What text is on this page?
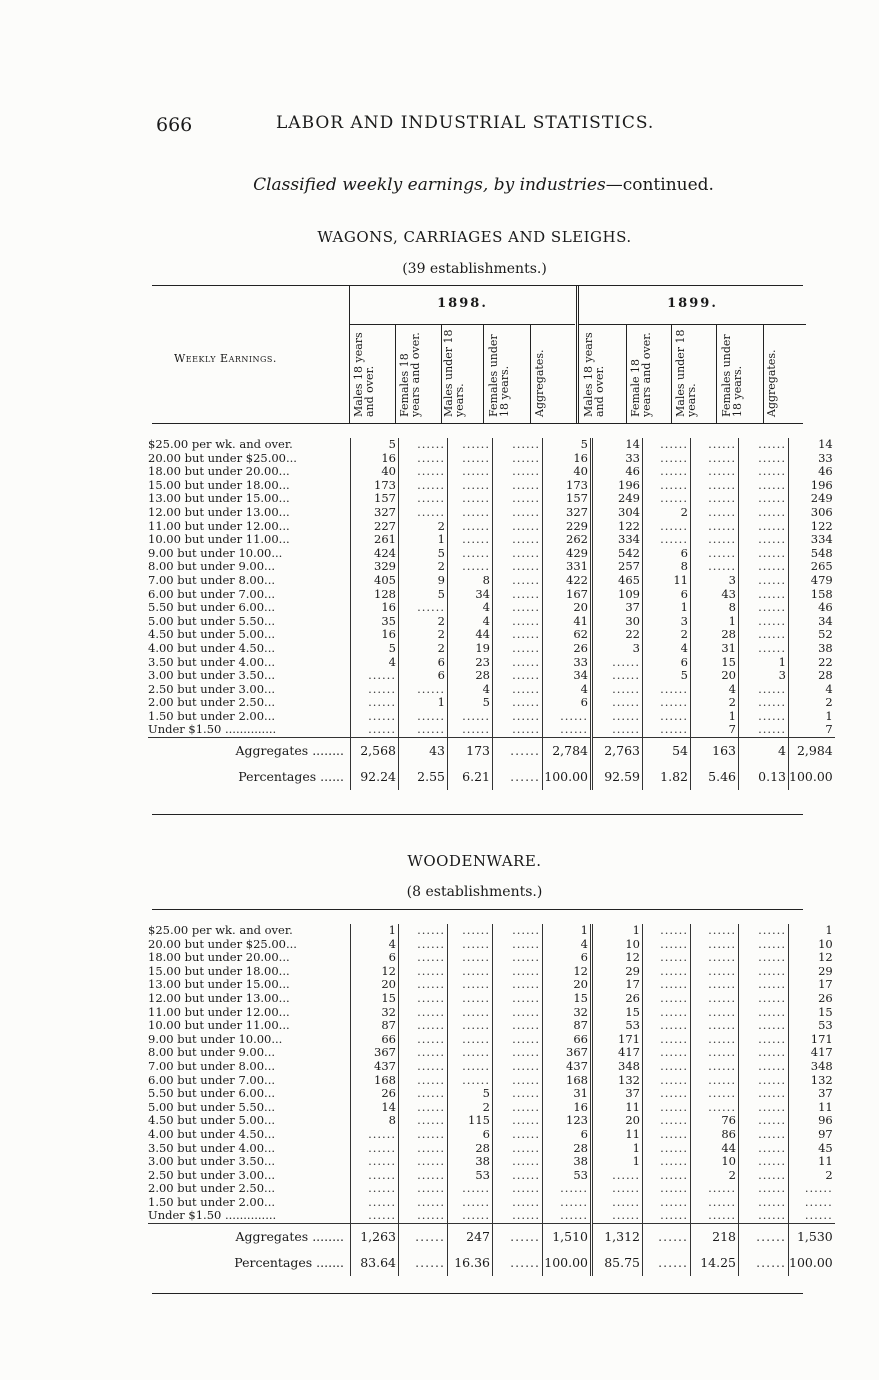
666	LABOR AND INDUSTRIAL STATISTICS.
Classified weekly earnings, by industries—continued.
WAGONS, CARRIAGES AND SLEIGHS.
(39 establishments.)
Weekly Earnings.
1898.
Males 18 years and over.	Females 18 years and over.	Males under 18 years.	Females under 18 years.	Aggregates.
1899.
Males 18 years and over.	Female 18 years and over.	Males under 18 years.	Females under 18 years.	Aggregates.
$25.00 per wk. and over.	5	......	......	......	5	14	......	......	......	14
20.00 but under $25.00...	16	......	......	......	16	33	......	......	......	33
18.00 but under 20.00...	40	......	......	......	40	46	......	......	......	46
15.00 but under 18.00...	173	......	......	......	173	196	......	......	......	196
13.00 but under 15.00...	157	......	......	......	157	249	......	......	......	249
12.00 but under 13.00...	327	......	......	......	327	304	2	......	......	306
11.00 but under 12.00...	227	2	......	......	229	122	......	......	......	122
10.00 but under 11.00...	261	1	......	......	262	334	......	......	......	334
9.00 but under 10.00...	424	5	......	......	429	542	6	......	......	548
8.00 but under 9.00...	329	2	......	......	331	257	8	......	......	265
7.00 but under 8.00...	405	9	8	......	422	465	11	3	......	479
6.00 but under 7.00...	128	5	34	......	167	109	6	43	......	158
5.50 but under 6.00...	16	......	4	......	20	37	1	8	......	46
5.00 but under 5.50...	35	2	4	......	41	30	3	1	......	34
4.50 but under 5.00...	16	2	44	......	62	22	2	28	......	52
4.00 but under 4.50...	5	2	19	......	26	3	4	31	......	38
3.50 but under 4.00...	4	6	23	......	33	......	6	15	1	22
3.00 but under 3.50...	......	6	28	......	34	......	5	20	3	28
2.50 but under 3.00...	......	......	4	......	4	......	......	4	......	4
2.00 but under 2.50...	......	1	5	......	6	......	......	2	......	2
1.50 but under 2.00...	......	......	......	......	......	......	......	1	......	1
Under $1.50 ..............	......	......	......	......	......	......	......	7	......	7
Aggregates ........	2,568	43	173	......	2,784	2,763	54	163	4	2,984
Percentages ......	92.24	2.55	6.21	......	100.00	92.59	1.82	5.46	0.13	100.00
WOODENWARE.
(8 establishments.)
$25.00 per wk. and over.	1	......	......	......	1	1	......	......	......	1
20.00 but under $25.00...	4	......	......	......	4	10	......	......	......	10
18.00 but under 20.00...	6	......	......	......	6	12	......	......	......	12
15.00 but under 18.00...	12	......	......	......	12	29	......	......	......	29
13.00 but under 15.00...	20	......	......	......	20	17	......	......	......	17
12.00 but under 13.00...	15	......	......	......	15	26	......	......	......	26
11.00 but under 12.00...	32	......	......	......	32	15	......	......	......	15
10.00 but under 11.00...	87	......	......	......	87	53	......	......	......	53
9.00 but under 10.00...	66	......	......	......	66	171	......	......	......	171
8.00 but under 9.00...	367	......	......	......	367	417	......	......	......	417
7.00 but under 8.00...	437	......	......	......	437	348	......	......	......	348
6.00 but under 7.00...	168	......	......	......	168	132	......	......	......	132
5.50 but under 6.00...	26	......	5	......	31	37	......	......	......	37
5.00 but under 5.50...	14	......	2	......	16	11	......	......	......	11
4.50 but under 5.00...	8	......	115	......	123	20	......	76	......	96
4.00 but under 4.50...	......	......	6	......	6	11	......	86	......	97
3.50 but under 4.00...	......	......	28	......	28	1	......	44	......	45
3.00 but under 3.50...	......	......	38	......	38	1	......	10	......	11
2.50 but under 3.00...	......	......	53	......	53	......	......	2	......	2
2.00 but under 2.50...	......	......	......	......	......	......	......	......	......	......
1.50 but under 2.00...	......	......	......	......	......	......	......	......	......	......
Under $1.50 ..............	......	......	......	......	......	......	......	......	......	......
Aggregates ........	1,263	......	247	......	1,510	1,312	......	218	......	1,530
Percentages .......	83.64	......	16.36	......	100.00	85.75	......	14.25	......	100.00
